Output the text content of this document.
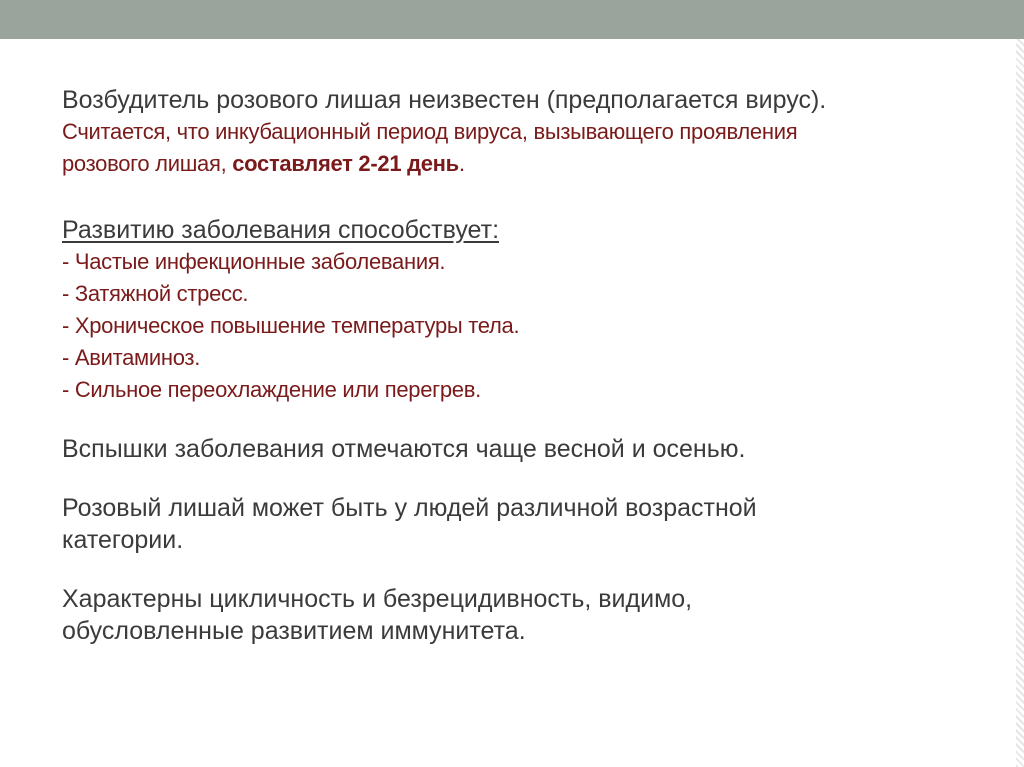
Возбудитель розового лишая неизвестен (предполагается вирус).
Считается, что инкубационный период вируса, вызывающего проявления
розового лишая, составляет 2-21 день.
Развитию заболевания способствует:
- Частые инфекционные заболевания.
- Затяжной стресс.
- Хроническое повышение температуры тела.
- Авитаминоз.
- Сильное переохлаждение или перегрев.
Вспышки заболевания отмечаются чаще весной и осенью.
Розовый лишай может быть у людей различной возрастной
категории.
Характерны цикличность и безрецидивность, видимо,
обусловленные развитием иммунитета.
